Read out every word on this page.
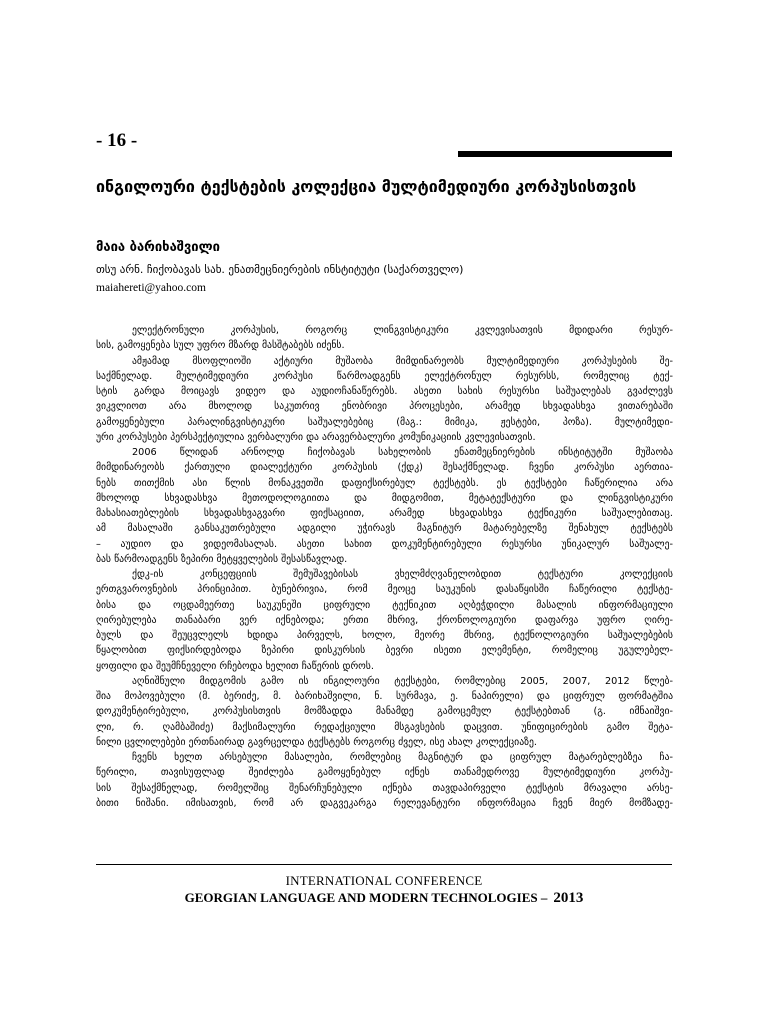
- 16 -
ინგილოური ტექსტების კოლექცია მულტიმედიური კორპუსისთვის
მაია ბარიხაშვილი
თსუ არნ. ჩიქობავას სახ. ენათმეცნიერების ინსტიტუტი (საქართველო)
maiahereti@yahoo.com
ელექტრონული კორპუსის, როგორც ლინგვისტიკური კვლევისათვის მდიდარი რესურ-
სის, გამოყენება სულ უფრო მზარდ მასშტაბებს იძენს.
ამჟამად მსოფლიოში აქტიური მუშაობა მიმდინარეობს მულტიმედიური კორპუსების შე-
საქმნელად. მულტიმედიური კორპუსი წარმოადგენს ელექტრონულ რესურსს, რომელიც ტექ-
სტის გარდა მოიცავს ვიდეო და აუდიოჩანაწერებს. ასეთი სახის რესურსი საშუალებას გვაძლევს
ვიკვლიოთ არა მხოლოდ საკუთრივ ენობრივი პროცესები, არამედ სხვადასხვა ვითარებაში
გამოყენებული პარალინგვისტიკური საშუალებებიც (მაგ.: მიმიკა, ჟესტები, პოზა). მულტიმედი-
ური კორპუსები პერსპექტიულია ვერბალური და არავერბალური კომუნიკაციის კვლევისათვის.
2006 წლიდან არნოლდ ჩიქობავას სახელობის ენათმეცნიერების ინსტიტუტში მუშაობა
მიმდინარეობს ქართული დიალექტური კორპუსის (ქდკ) შესაქმნელად. ჩვენი კორპუსი აერთია-
ნებს თითქმის ასი წლის მონაკვეთში დაფიქსირებულ ტექსტებს. ეს ტექსტები ჩაწერილია არა
მხოლოდ სხვადასხვა მეთოდოლოგიითა და მიდგომით, მეტატექსტური და ლინგვისტიკური
მახასიათებლების სხვადასხვაგვარი ფიქსაციით, არამედ სხვადასხვა ტექნიკური საშუალებითაც.
ამ მასალაში განსაკუთრებული ადგილი უჭირავს მაგნიტურ მატარებელზე შენახულ ტექსტებს
– აუდიო და ვიდეომასალას. ასეთი სახით დოკუმენტირებული რესურსი უნიკალურ საშუალე-
ბას წარმოადგენს ზეპირი მეტყველების შესასწავლად.
ქდკ-ის კონცეფციის შემუშავებისას ვხელმძღვანელობდით ტექსტური კოლექციის
ერთგვაროვნების პრინციპით. ბუნებრივია, რომ მეოცე საუკუნის დასაწყისში ჩაწერილი ტექსტე-
ბისა და ოცდამეერთე საუკუნეში ციფრული ტექნიკით აღბეჭდილი მასალის ინფორმაციული
ღირებულება თანაბარი ვერ იქნებოდა; ერთი მხრივ, ქრონოლოგიური დაფარვა უფრო ღირე-
ბულს და შეუცვლელს ხდიდა პირველს, ხოლო, მეორე მხრივ, ტექნოლოგიური საშუალებების
წყალობით ფიქსირდებოდა ზეპირი დისკურსის ბევრი ისეთი ელემენტი, რომელიც უგულებელ-
ყოფილი და შეუმჩნეველი რჩებოდა ხელით ჩაწერის დროს.
აღნიშნული მიდგომის გამო ის ინგილოური ტექსტები, რომლებიც 2005, 2007, 2012 წლებ-
შია მოპოვებული (მ. ბერიძე, მ. ბარიხაშვილი, ნ. სურმავა, ე. ნაპირელი) და ციფრულ ფორმატშია
დოკუმენტირებული, კორპუსისთვის მომზადდა მანამდე გამოცემულ ტექსტებთან (გ. იმნაიშვი-
ლი, რ. ღამბაშიძე) მაქსიმალური რედაქციული მსგავსების დაცვით. უნიფიცირების გამო შეტა-
ნილი ცვლილებები ერთნაირად გავრცელდა ტექსტებს როგორც ძველ, ისე ახალ კოლექციაზე.
ჩვენს ხელთ არსებული მასალები, რომლებიც მაგნიტურ და ციფრულ მატარებლებზეა ჩა-
წერილი, თავისუფლად შეიძლება გამოყენებულ იქნეს თანამედროვე მულტიმედიური კორპუ-
სის შესაქმნელად, რომელშიც შენარჩუნებული იქნება თავდაპირველი ტექსტის მრავალი არსე-
ბითი ნიშანი. იმისათვის, რომ არ დაგვეკარგა რელევანტური ინფორმაცია ჩვენ მიერ მომზადე-
INTERNATIONAL CONFERENCE
GEORGIAN LANGUAGE AND MODERN TECHNOLOGIES – 2013
